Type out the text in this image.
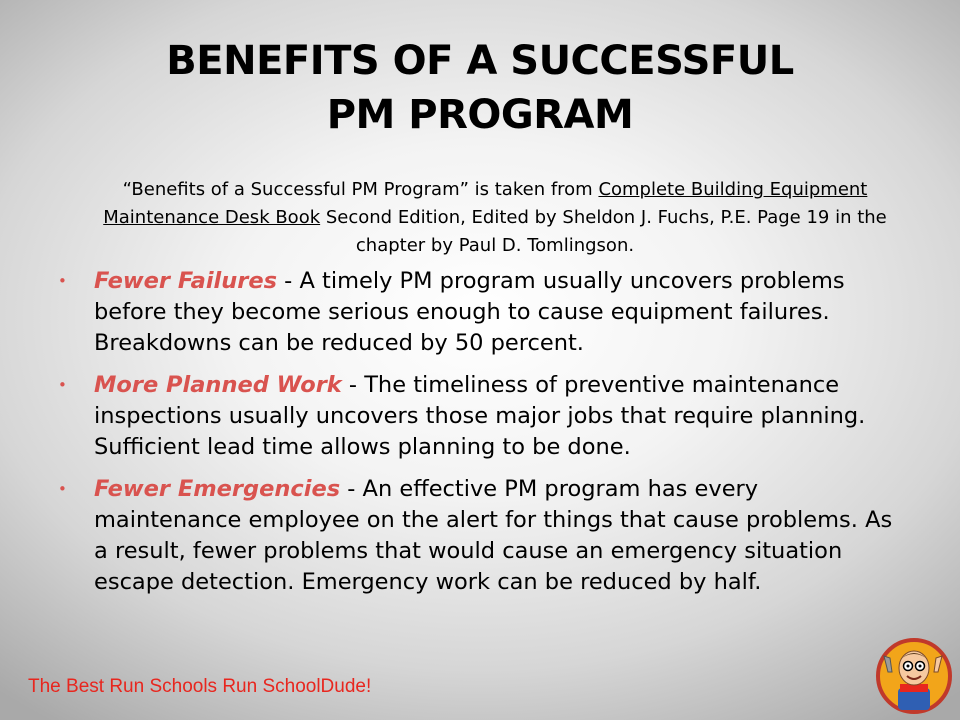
BENEFITS OF A SUCCESSFUL
PM PROGRAM
“Benefits of a Successful PM Program” is taken from Complete Building Equipment Maintenance Desk Book Second Edition, Edited by Sheldon J. Fuchs, P.E. Page 19 in the chapter by Paul D. Tomlingson.
• Fewer Failures - A timely PM program usually uncovers problems before they become serious enough to cause equipment failures. Breakdowns can be reduced by 50 percent.
• More Planned Work - The timeliness of preventive maintenance inspections usually uncovers those major jobs that require planning. Sufficient lead time allows planning to be done.
• Fewer Emergencies - An effective PM program has every maintenance employee on the alert for things that cause problems. As a result, fewer problems that would cause an emergency situation escape detection. Emergency work can be reduced by half.
The Best Run Schools Run SchoolDude!
